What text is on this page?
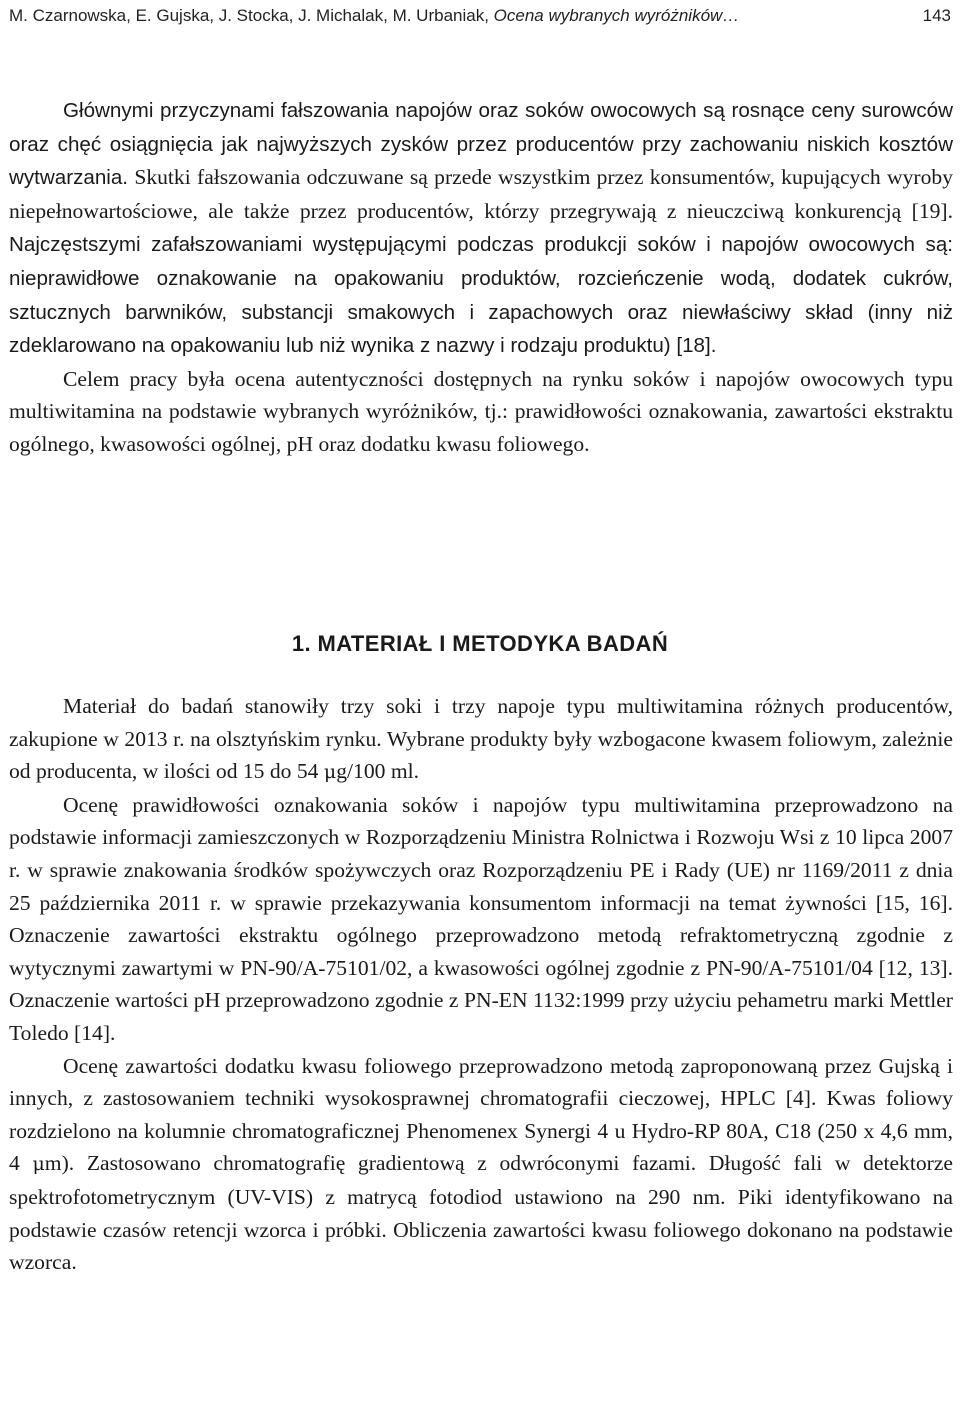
M. Czarnowska, E. Gujska, J. Stocka, J. Michalak, M. Urbaniak, Ocena wybranych wyróżników…	143

Głównymi przyczynami fałszowania napojów oraz soków owocowych są rosnące ceny surowców oraz chęć osiągnięcia jak najwyższych zysków przez producentów przy zachowaniu niskich kosztów wytwarzania. Skutki fałszowania odczuwane są przede wszystkim przez konsumentów, kupujących wyroby niepełnowartościowe, ale także przez producentów, którzy przegrywają z nieuczciwą konkurencją [19]. Najczęstszymi zafałszowaniami występującymi podczas produkcji soków i napojów owocowych są: nieprawidłowe oznakowanie na opakowaniu produktów, rozcieńczenie wodą, dodatek cukrów, sztucznych barwników, substancji smakowych i zapachowych oraz niewłaściwy skład (inny niż zdeklarowano na opakowaniu lub niż wynika z nazwy i rodzaju produktu) [18].

Celem pracy była ocena autentyczności dostępnych na rynku soków i napojów owocowych typu multiwitamina na podstawie wybranych wyróżników, tj.: prawidłowości oznakowania, zawartości ekstraktu ogólnego, kwasowości ogólnej, pH oraz dodatku kwasu foliowego.

1. MATERIAŁ I METODYKA BADAŃ

Materiał do badań stanowiły trzy soki i trzy napoje typu multiwitamina różnych producentów, zakupione w 2013 r. na olsztyńskim rynku. Wybrane produkty były wzbogacone kwasem foliowym, zależnie od producenta, w ilości od 15 do 54 μg/100 ml.

Ocenę prawidłowości oznakowania soków i napojów typu multiwitamina przeprowadzono na podstawie informacji zamieszczonych w Rozporządzeniu Ministra Rolnictwa i Rozwoju Wsi z 10 lipca 2007 r. w sprawie znakowania środków spożywczych oraz Rozporządzeniu PE i Rady (UE) nr 1169/2011 z dnia 25 października 2011 r. w sprawie przekazywania konsumentom informacji na temat żywności [15, 16]. Oznaczenie zawartości ekstraktu ogólnego przeprowadzono metodą refraktometryczną zgodnie z wytycznymi zawartymi w PN-90/A-75101/02, a kwasowości ogólnej zgodnie z PN-90/A-75101/04 [12, 13]. Oznaczenie wartości pH przeprowadzono zgodnie z PN-EN 1132:1999 przy użyciu pehametru marki Mettler Toledo [14].

Ocenę zawartości dodatku kwasu foliowego przeprowadzono metodą zaproponowaną przez Gujską i innych, z zastosowaniem techniki wysokosprawnej chromatografii cieczowej, HPLC [4]. Kwas foliowy rozdzielono na kolumnie chromatograficznej Phenomenex Synergi 4 u Hydro-RP 80A, C18 (250 x 4,6 mm, 4 μm). Zastosowano chromatografię gradientową z odwróconymi fazami. Długość fali w detektorze spektrofotometrycznym (UV-VIS) z matrycą fotodiod ustawiono na 290 nm. Piki identyfikowano na podstawie czasów retencji wzorca i próbki. Obliczenia zawartości kwasu foliowego dokonano na podstawie wzorca.
